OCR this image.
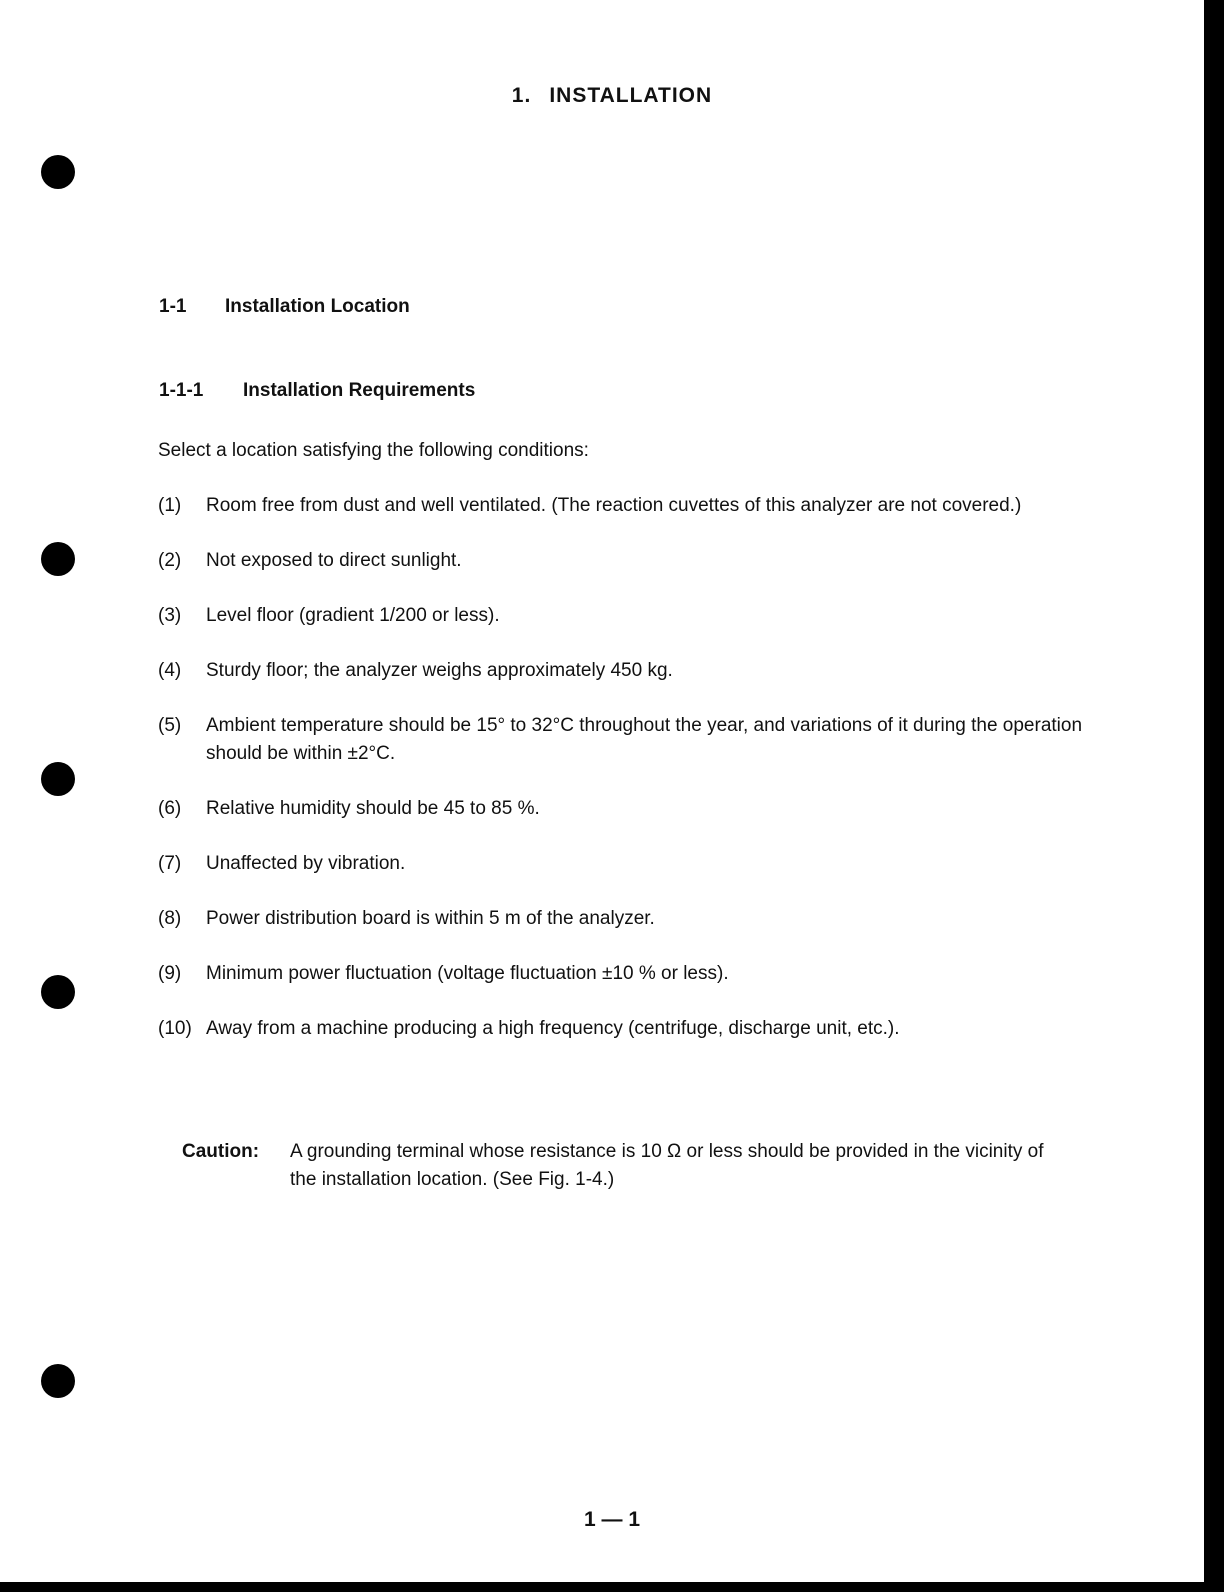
1. INSTALLATION
1-1 Installation Location
1-1-1 Installation Requirements
Select a location satisfying the following conditions:
(1)	Room free from dust and well ventilated. (The reaction cuvettes of this analyzer are not covered.)
(2)	Not exposed to direct sunlight.
(3)	Level floor (gradient 1/200 or less).
(4)	Sturdy floor; the analyzer weighs approximately 450 kg.
(5)	Ambient temperature should be 15° to 32°C throughout the year, and variations of it during the operation should be within ±2°C.
(6)	Relative humidity should be 45 to 85 %.
(7)	Unaffected by vibration.
(8)	Power distribution board is within 5 m of the analyzer.
(9)	Minimum power fluctuation (voltage fluctuation ±10 % or less).
(10) Away from a machine producing a high frequency (centrifuge, discharge unit, etc.).
Caution:	A grounding terminal whose resistance is 10 Ω or less should be provided in the vicinity of the installation location. (See Fig. 1-4.)
1 — 1
